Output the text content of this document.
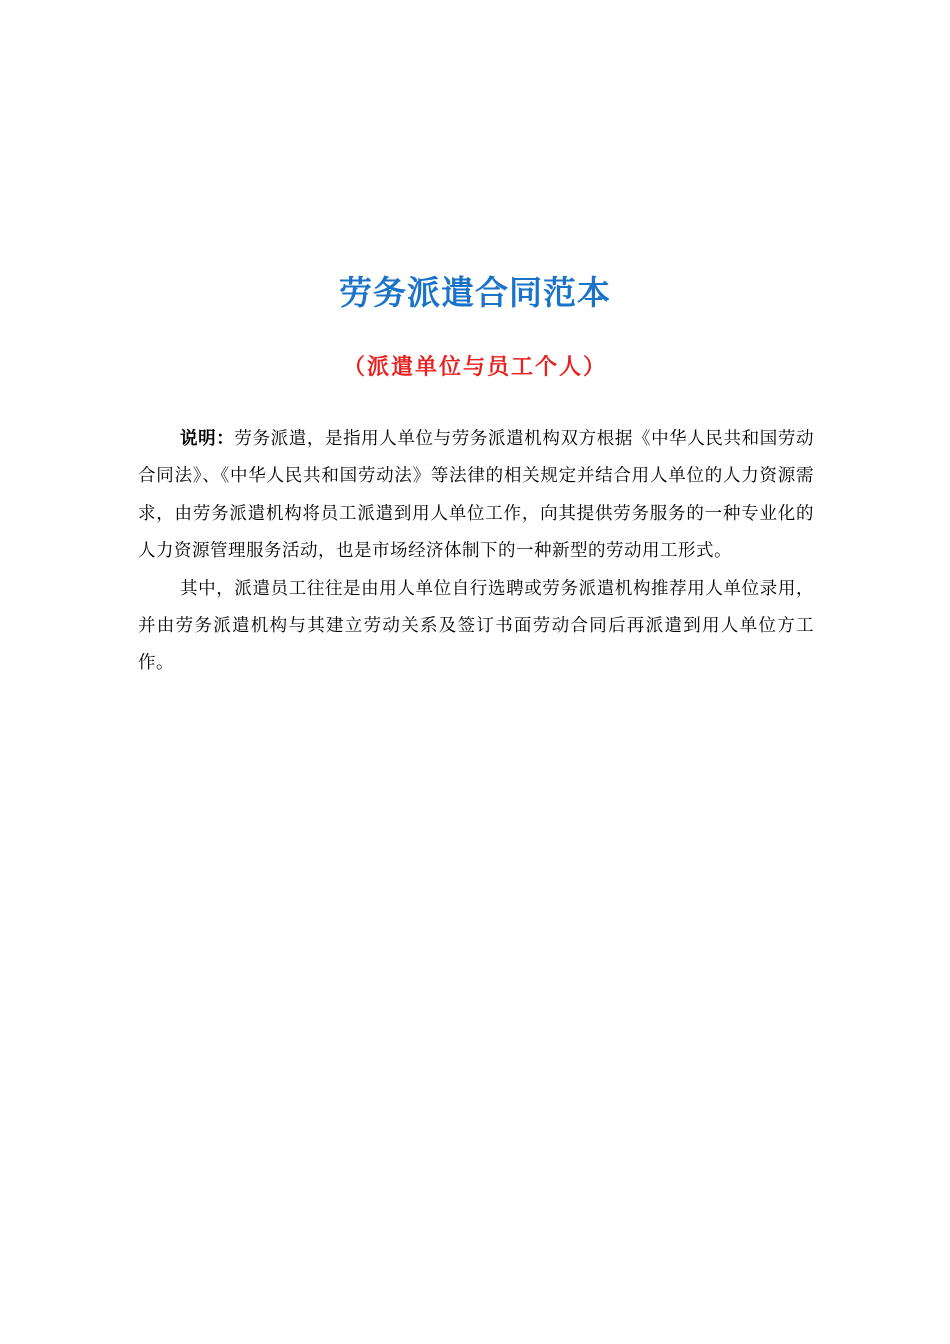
劳务派遣合同范本
（派遣单位与员工个人）

说明：劳务派遣，是指用人单位与劳务派遣机构双方根据《中华人民共和国劳动合同法》、《中华人民共和国劳动法》等法律的相关规定并结合用人单位的人力资源需求，由劳务派遣机构将员工派遣到用人单位工作，向其提供劳务服务的一种专业化的人力资源管理服务活动，也是市场经济体制下的一种新型的劳动用工形式。

其中，派遣员工往往是由用人单位自行选聘或劳务派遣机构推荐用人单位录用，并由劳务派遣机构与其建立劳动关系及签订书面劳动合同后再派遣到用人单位方工作。
